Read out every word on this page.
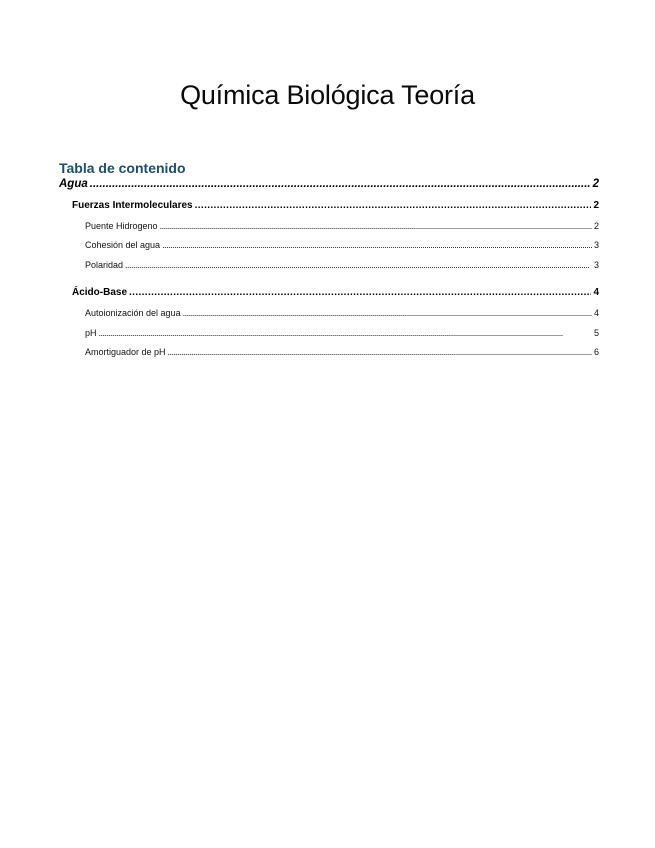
Química Biológica Teoría
Tabla de contenido
Agua . . .	2
Fuerzas Intermoleculares . . .	2
Puente Hidrogeno . . .	2
Cohesión del agua . . .	3
Polaridad . . .	3
Ácido-Base . . .	4
Autoionización del agua . . .	4
pH . . .	5
Amortiguador de pH . . .	6
